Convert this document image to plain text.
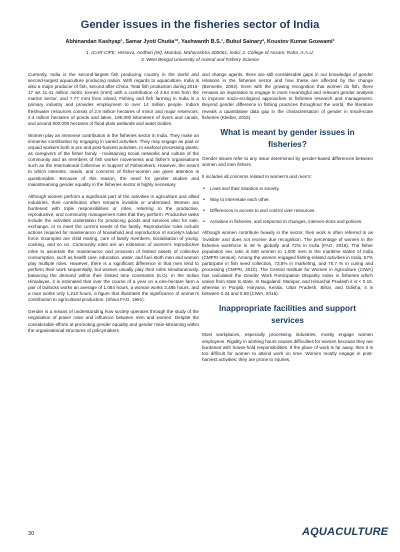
Gender issues in the fisheries sector of India
Abhinandan Kashyap¹, Samar Jyoti Chutia¹*, Yashwanth B.S.¹, Bubul Sainary², Koustov Kumar Goswami³
1. ICAR-CIFE, Versova, Andheri (W), Mumbai, Maharashtra 400061, India; 2. College of Assam; Raha, A.A.U;
3. West Bengal University of Animal and Fishery Science

Currently, India is the second-largest fish producing country in the world and second-largest aquaculture producing nation. With regards to aquaculture, India is also a major producer of fish, second after China. Total fish production during 2016-17 ws 11.41 million metric tonnes (mmt) with a contribution of 3.64 mmt from the marine sector, and 7.77 mmt from inland, Fishing and fish farming in India is a primary industry and provides employment to over 14 million people. India's freshwater resources consist of 2.9 million hectares of minor and major reservoirs, 2.4 million hectares of ponds and lakes, 195,000 kilometers of rivers and canals, and around 800,000 hectares of flood plain wetlands and water bodies.

Women play an immense contribution in the fisheries sector in India. They make an immense contribution by engaging in varied activities. They may engage as paid or unpaid workers both in pre and post-harvest activities. In seafood processing plants, as caregivers of the fisher family - maintaining social networks and culture of the community and as members of fish worker movements and fisher's organisations such as the International Collective in Support of Fishworkers. However, the extent to which interests, needs, and concerns of fisher-women are given attention is questionable. Because of this reason, the need for gender studies and mainstreaming gender equality in the fisheries sector is highly necessary.

Although women perform a significant part of the activities in agriculture and allied industries, their contribution often remains invisible or underrated. Women are burdened with triple responsibilities or roles, referring to the productive, reproductive, and community management roles that they perform. Productive tasks include the activities undertaken for producing goods and services also for sale, exchange, or to meet the current needs of the family. Reproductive roles include actions required for maintenance of household and reproduction of society's labour force. Examples are child rearing, care of family members, socialisation of young, cooking, and so on. Community roles are an extension of women's reproductive roles to ascertain the maintenance and provision of limited assets of collective consumption, such as health care, education, water, and fuel. Both men and women play multiple roles. However, there is a significant difference in that men tend to perform their work sequentially, but women usually play their roles simultaneously, balancing the demand within their limited time constraints (ILO). In the Indian Himalayas, it is estimated that over the course of a year on a one-hectare farm a pair of bullocks works an average of 1,064 hours, a woman works 3,485 hours, and a man works only 1,212 hours, a figure that illustrates the significance of women's contribution to agricultural production. (Shiva FAO, 1991).

Gender is a means of understanding how society operates through the study of the negotiation of power roles and influence between men and women. Despite the considerable efforts at promoting gender equality and gender main-streaming within the organisational structures of policymakers

and change agents, there are still considerable gaps in our knowledge of gender relations in the fisheries sector and how these are affected by the change (Bennette, 2004). Even with the growing recognition that women do fish, there remains an imperative to engage in more meaningful and relevant gender analysis to improve socio-ecological approaches to fisheries research and management. Beyond gender difference in fishing practices throughout the world, the literature reveals a quantitative data gap in the characterisation of gender in small-scale fisheries (Kleiber, 2015).

What is meant by gender issues in fisheries?

Gender issues refer to any issue determined by gender-based differences between women and men fishers.

It includes all concerns related to women's and men's:

• Lives and their situation in society.
• Way to interrelate each other.
• Differences in access to and control over resources.
• Activities in fisheries, and response to changes, interven-tions and policies.

Although women contribute heavily in the sector, their work is often referred to as 'invisible' and does not receive due recognition. The percentage of women in the fisheries workforce is 48 % globally and 72% in India (FAO, 2016). The fisher population sex ratio is 928 women to 1,000 men in the maritime states of India (CMFRI census). Among the women engaged fishing-related activities in India, 57% participate in fish seed collection, 73.8% in marketing, and 75.7 % in curing and processing (CMFRI, 2010). The Central Institute for Women in Agriculture (CIWA) has calculated the Gender Work Participation Disparity Index in fisheries which varies from state to state. In Nagaland, Manipur, and Himachal Pradesh it is < 0.15, whereas in Punjab, Haryana, Kerala, Uttar Pradesh, Bihar, and Odisha, it is between 0.34 and 0.59 (CIWA, 2015).

Inappropriate facilities and support services

Most workplaces, especially processing industries, mostly engage women employees. Rigidity in working hours causes difficulties for women because they are burdened with house-hold responsibilities. If the place of work is far away, then it is too difficult for women to attend work on time. Women mostly engage in post-harvest activities; they are prone to injuries,

30	AQUACULTURE
